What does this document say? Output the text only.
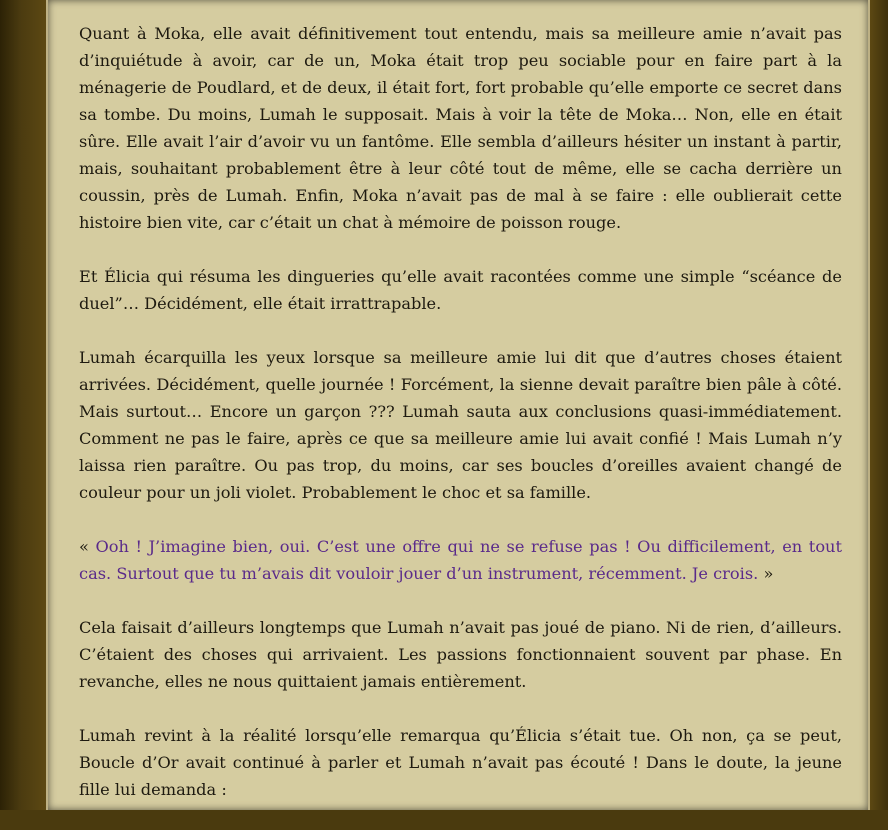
Quant à Moka, elle avait définitivement tout entendu, mais sa meilleure amie n’avait pas d’inquiétude à avoir, car de un, Moka était trop peu sociable pour en faire part à la ménagerie de Poudlard, et de deux, il était fort, fort probable qu’elle emporte ce secret dans sa tombe. Du moins, Lumah le supposait. Mais à voir la tête de Moka… Non, elle en était sûre. Elle avait l’air d’avoir vu un fantôme. Elle sembla d’ailleurs hésiter un instant à partir, mais, souhaitant probablement être à leur côté tout de même, elle se cacha derrière un coussin, près de Lumah. Enfin, Moka n’avait pas de mal à se faire : elle oublierait cette histoire bien vite, car c’était un chat à mémoire de poisson rouge.

Et Élicia qui résuma les dingueries qu’elle avait racontées comme une simple “scéance de duel”… Décidément, elle était irrattrapable.

Lumah écarquilla les yeux lorsque sa meilleure amie lui dit que d’autres choses étaient arrivées. Décidément, quelle journée ! Forcément, la sienne devait paraître bien pâle à côté. Mais surtout… Encore un garçon ??? Lumah sauta aux conclusions quasi-immédiatement. Comment ne pas le faire, après ce que sa meilleure amie lui avait confié ! Mais Lumah n’y laissa rien paraître. Ou pas trop, du moins, car ses boucles d’oreilles avaient changé de couleur pour un joli violet. Probablement le choc et sa famille.

« Ooh ! J’imagine bien, oui. C’est une offre qui ne se refuse pas ! Ou difficilement, en tout cas. Surtout que tu m’avais dit vouloir jouer d’un instrument, récemment. Je crois. »

Cela faisait d’ailleurs longtemps que Lumah n’avait pas joué de piano. Ni de rien, d’ailleurs. C’étaient des choses qui arrivaient. Les passions fonctionnaient souvent par phase. En revanche, elles ne nous quittaient jamais entièrement.

Lumah revint à la réalité lorsqu’elle remarqua qu’Élicia s’était tue. Oh non, ça se peut, Boucle d’Or avait continué à parler et Lumah n’avait pas écouté ! Dans le doute, la jeune fille lui demanda :
